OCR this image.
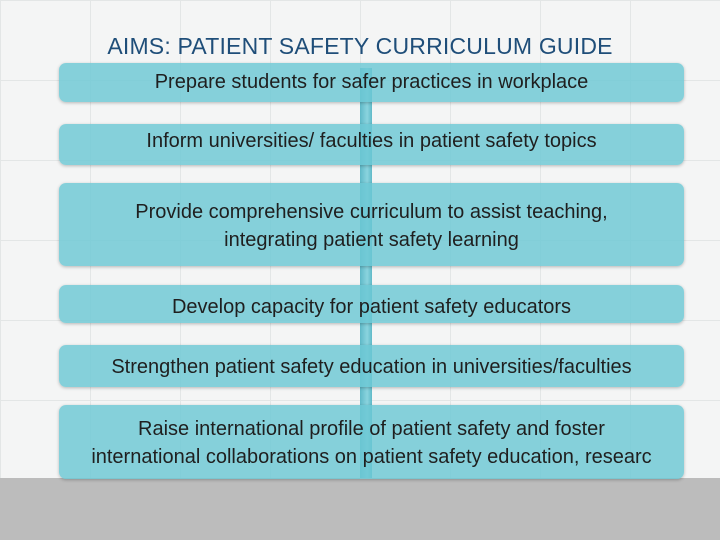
AIMS: PATIENT SAFETY CURRICULUM GUIDE
Prepare students for safer practices in workplace
Inform universities/ faculties in patient safety topics
Provide comprehensive curriculum to assist teaching,
integrating patient safety learning
Develop capacity for patient safety educators
Strengthen patient safety education in universities/faculties
Raise international profile of patient safety and foster
international collaborations on patient safety education, researc
